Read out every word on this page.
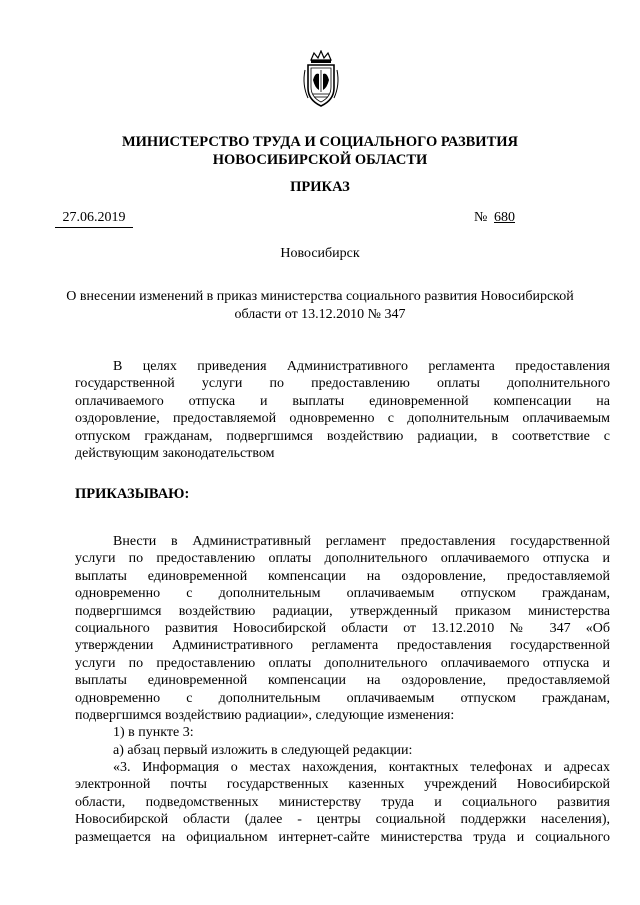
МИНИСТЕРСТВО ТРУДА И СОЦИАЛЬНОГО РАЗВИТИЯ
НОВОСИБИРСКОЙ ОБЛАСТИ
ПРИКАЗ
27.06.2019	№ 680
Новосибирск
О внесении изменений в приказ министерства социального развития Новосибирской
области от 13.12.2010 № 347
В целях приведения Административного регламента предоставления
государственной услуги по предоставлению оплаты дополнительного
оплачиваемого отпуска и выплаты единовременной компенсации на
оздоровление, предоставляемой одновременно с дополнительным оплачиваемым
отпуском гражданам, подвергшимся воздействию радиации, в соответствие с
действующим законодательством
ПРИКАЗЫВАЮ:
Внести в Административный регламент предоставления государственной
услуги по предоставлению оплаты дополнительного оплачиваемого отпуска и
выплаты единовременной компенсации на оздоровление, предоставляемой
одновременно с дополнительным оплачиваемым отпуском гражданам,
подвергшимся воздействию радиации, утвержденный приказом министерства
социального развития Новосибирской области от 13.12.2010 № 347 «Об
утверждении Административного регламента предоставления государственной
услуги по предоставлению оплаты дополнительного оплачиваемого отпуска и
выплаты единовременной компенсации на оздоровление, предоставляемой
одновременно с дополнительным оплачиваемым отпуском гражданам,
подвергшимся воздействию радиации», следующие изменения:
1) в пункте 3:
а) абзац первый изложить в следующей редакции:
«3. Информация о местах нахождения, контактных телефонах и адресах
электронной почты государственных казенных учреждений Новосибирской
области, подведомственных министерству труда и социального развития
Новосибирской области (далее - центры социальной поддержки населения),
размещается на официальном интернет-сайте министерства труда и социального
